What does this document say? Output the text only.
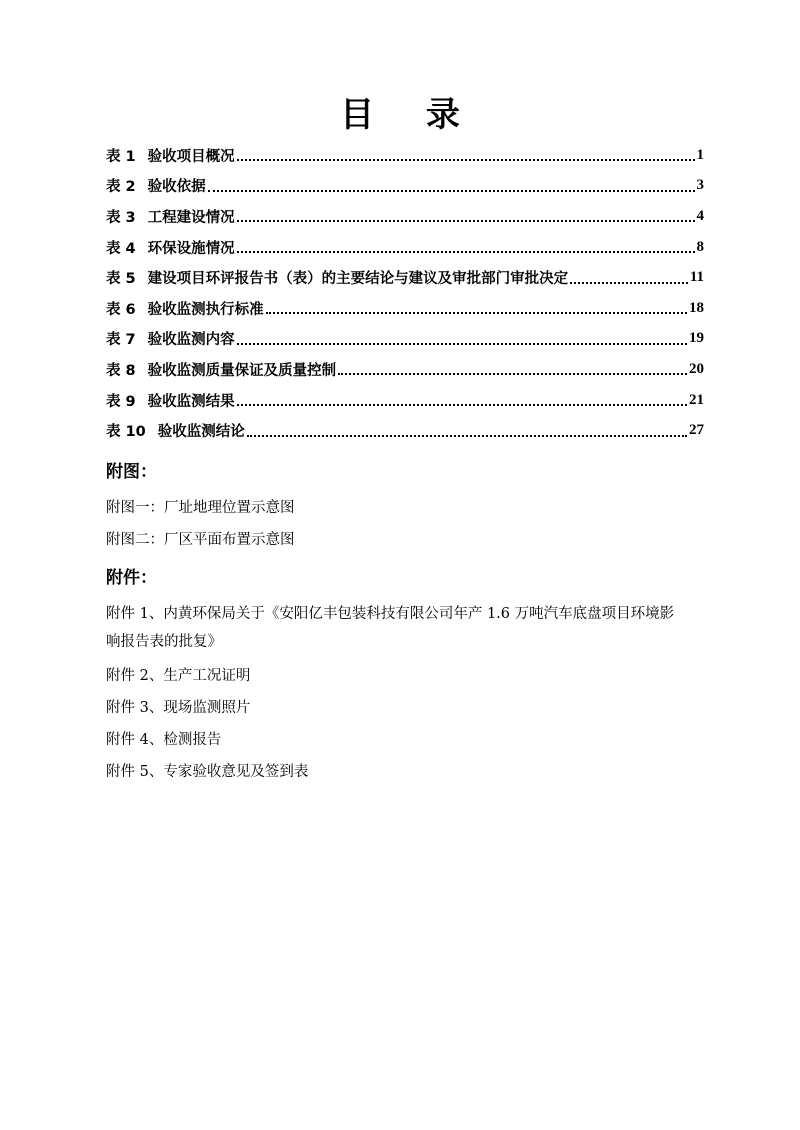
目 录
表 1 验收项目概况	1
表 2 验收依据	3
表 3 工程建设情况	4
表 4 环保设施情况	8
表 5 建设项目环评报告书（表）的主要结论与建议及审批部门审批决定	11
表 6 验收监测执行标准	18
表 7 验收监测内容	19
表 8 验收监测质量保证及质量控制	20
表 9 验收监测结果	21
表 10 验收监测结论	27
附图：
附图一：厂址地理位置示意图
附图二：厂区平面布置示意图
附件：
附件 1、内黄环保局关于《安阳亿丰包装科技有限公司年产 1.6 万吨汽车底盘项目环境影
响报告表的批复》
附件 2、生产工况证明
附件 3、现场监测照片
附件 4、检测报告
附件 5、专家验收意见及签到表
